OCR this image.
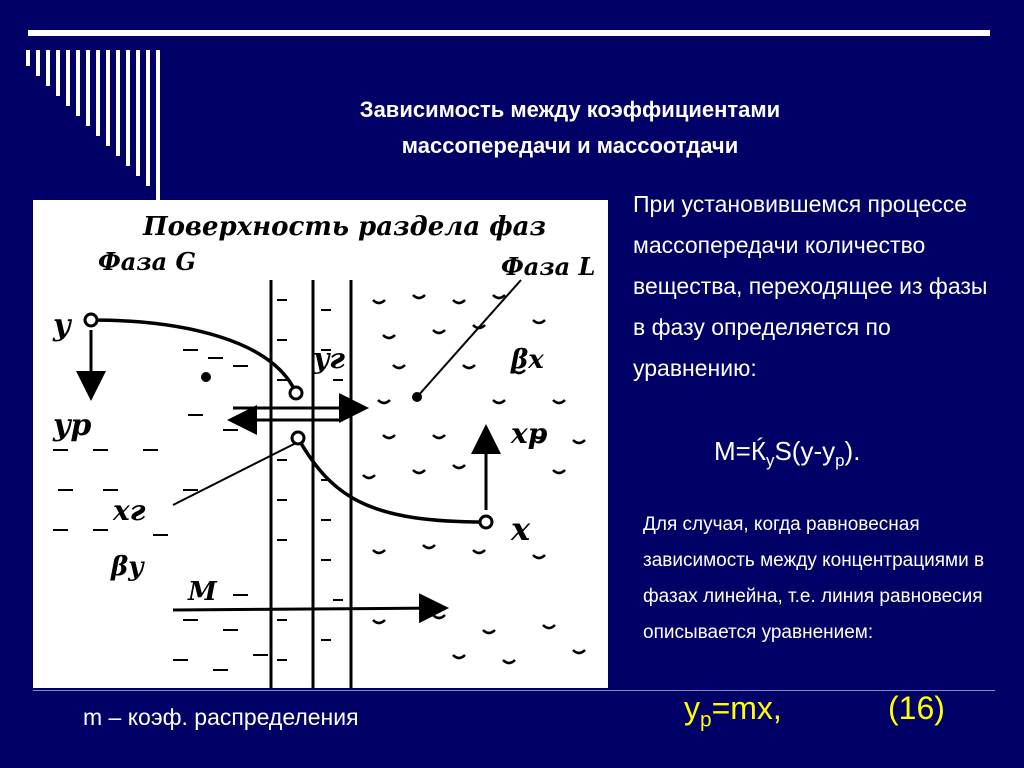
Зависимость между коэффициентами
массопередачи и массоотдачи
Поверхность раздела фаз
Фаза G	Фаза L
y
yp
yг	βx
xp
xг	x
βy
M
При установившемся процессе массопередачи количество вещества, переходящее из фазы в фазу определяется по уравнению:
$M=Ќ_yS(y-y_p)$.
Для случая, когда равновесная зависимость между концентрациями в фазах линейна, т.е. линия равновесия описывается уравнением:
$y_p=mx$,	(16)
m – коэф. распределения
